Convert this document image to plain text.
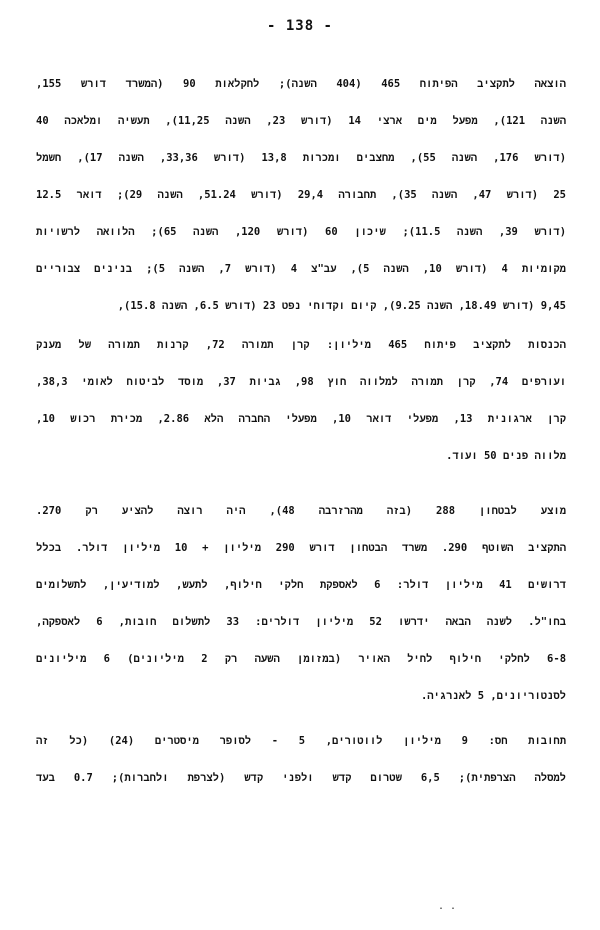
- 138 -
הוצאה לתקציב הפיתוח 465 (404 השנה); לחקלאות 90 (המשרד דורש 155,
השנה 121), מפעל מים ארצי 14 (דורש 23, השנה 11,25), תעשיה ומלאכה 40
(דורש 176, השנה 55), מחצבים ומכרות 13,8 (דורש 33,36, השנה 17), חשמל
25 (דורש 47, השנה 35), תחבורה 29,4 (דורש 51.24, השנה 29); דואר 12.5
(דורש 39, השנה 11.5); שיכון 60 (דורש 120, השנה 65); הלוואה לרשויות
מקומיות 4 (דורש 10, השנה 5), עב"צ 4 (דורש 7, השנה 5); בנינים צבוריים
9,45 (דורש 18.49, השנה 9.25), קיום וקדוחי נפט 23 (דורש 6.5, השנה 15.8),
הכנסות לתקציב פיתוח 465 מיליון: קרן תמורה 72, קרנות תמורה של מענק
ועורפים 74, קרן תמורה למלווה חוץ 98, גביות 37, מוסד לביטוח לאומי 38,3,
קרן ארגונית 13, מפעלי דואר 10, מפעלי החברה הלא 2.86, מכירת רכוש 10,
מלווה פנים 50 ועוד.
מוצע לבטחון 288 (בזה מהרזרבה 48), היה רוצה להציע רק 270.
התקציב השוטף 290. משרד הבטחון דורש 290 מיליון + 10 מיליון דולר. בכלל
דרושים 41 מיליון דולר: 6 לאספקת חלקי חילוף, לתעש, למודיעין, לתשלומים
בחו"ל. לשנה הבאה ידרשו 52 מיליון דולרים: 33 לתשלום חובות, 6 לאספקה,
6-8 לחלקי חילוף לחיל האויר (במזומן השעה רק 2 מיליונים) 6 מיליונים
לסנטוריונים, 5 לאנרגיה.
תחובות חס: 9 מיליון לווטורים, 5 - לסופר מיסטרים (24) (כל זה
למסלה הצרפתית); 6,5 שטרום קדש ולפני קדש (לצרפת ולחברות); 0.7 בעד
. .
